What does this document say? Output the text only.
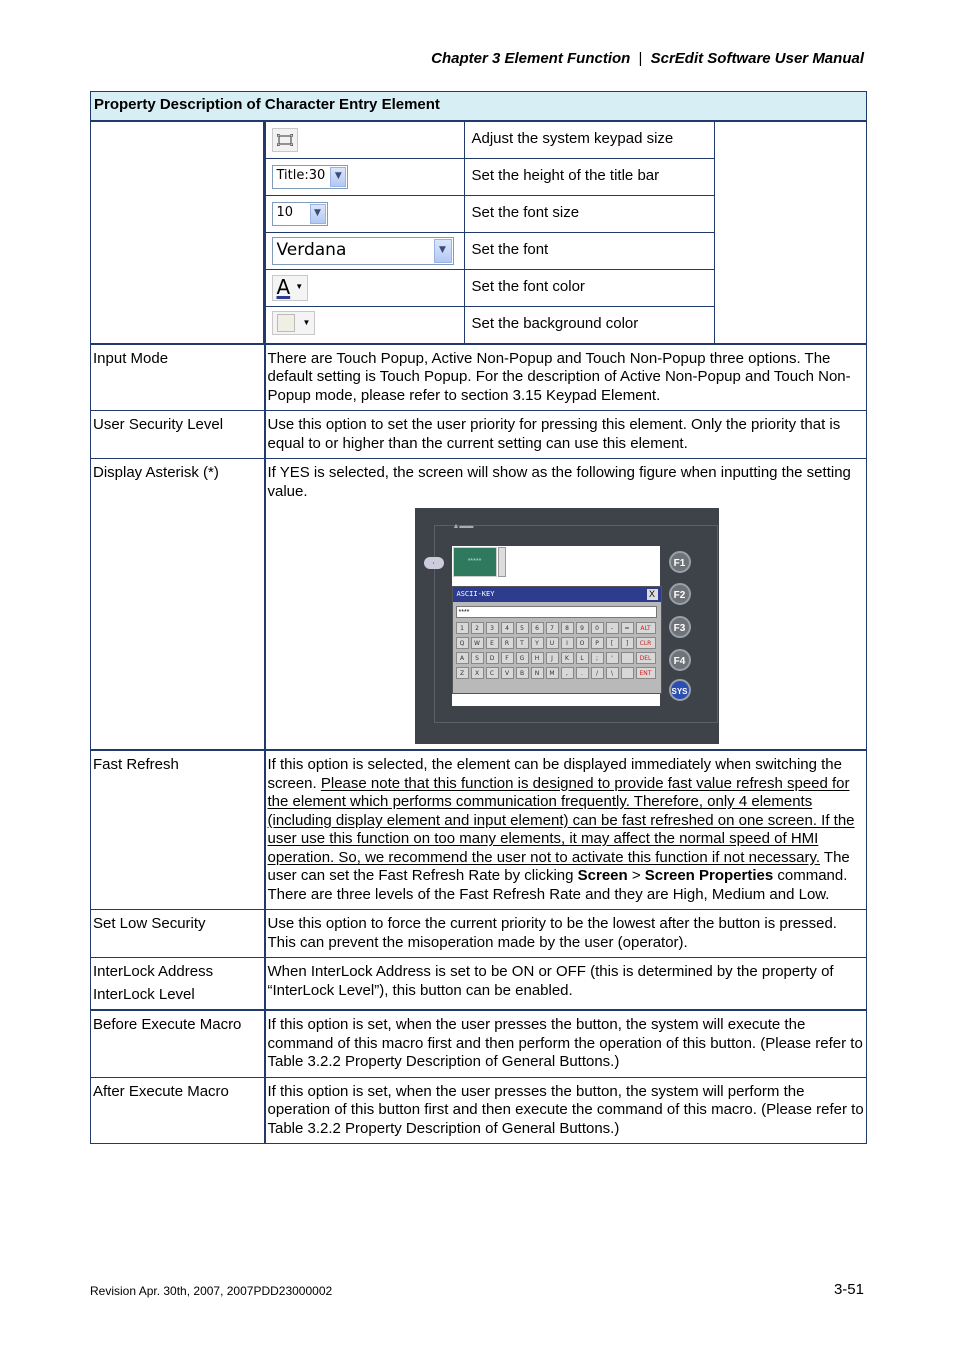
Chapter 3 Element Function | ScrEdit Software User Manual
Property Description of Character Entry Element

	Adjust the system keypad size

Title:30	▼	Set the height of the title bar

10	▼	Set the font size

Verdana	▼	Set the font

A ▼	Set the font color

▼	Set the background color

Input Mode	There are Touch Popup, Active Non-Popup and Touch Non-Popup three options. The default setting is Touch Popup. For the description of Active Non-Popup and Touch Non-Popup mode, please refer to section 3.15 Keypad Element.
User Security Level	Use this option to set the user priority for pressing this element. Only the priority that is equal to or higher than the current setting can use this element.
Display Asterisk (*)	If YES is selected, the screen will show as the following figure when inputting the setting value.
▲▬▬
•	*****
ASCII-KEY	X
****
1	2	3	4	5	6	7	8	9	0	-	=	ALT
Q	W	E	R	T	Y	U	I	O	P	[	]	CLR
A	S	D	F	G	H	J	K	L	;	'	DEL
Z	X	C	V	B	N	M	,	.	/	\	ENT
F1
F2
F3
F4
SYS

Fast Refresh	If this option is selected, the element can be displayed immediately when switching the screen. Please note that this function is designed to provide fast value refresh speed for the element which performs communication frequently. Therefore, only 4 elements (including display element and input element) can be fast refreshed on one screen. If the user use this function on too many elements, it may affect the normal speed of HMI operation. So, we recommend the user not to activate this function if not necessary. The user can set the Fast Refresh Rate by clicking Screen > Screen Properties command. There are three levels of the Fast Refresh Rate and they are High, Medium and Low.
Set Low Security	Use this option to force the current priority to be the lowest after the button is pressed. This can prevent the misoperation made by the user (operator).

InterLock Address
InterLock Level
	When InterLock Address is set to be ON or OFF (this is determined by the property of “InterLock Level”), this button can be enabled.
Before Execute Macro	If this option is set, when the user presses the button, the system will execute the command of this macro first and then perform the operation of this button. (Please refer to Table 3.2.2 Property Description of General Buttons.)
After Execute Macro	If this option is set, when the user presses the button, the system will perform the operation of this button first and then execute the command of this macro. (Please refer to Table 3.2.2 Property Description of General Buttons.)
Revision Apr. 30th, 2007, 2007PDD23000002	3-51
